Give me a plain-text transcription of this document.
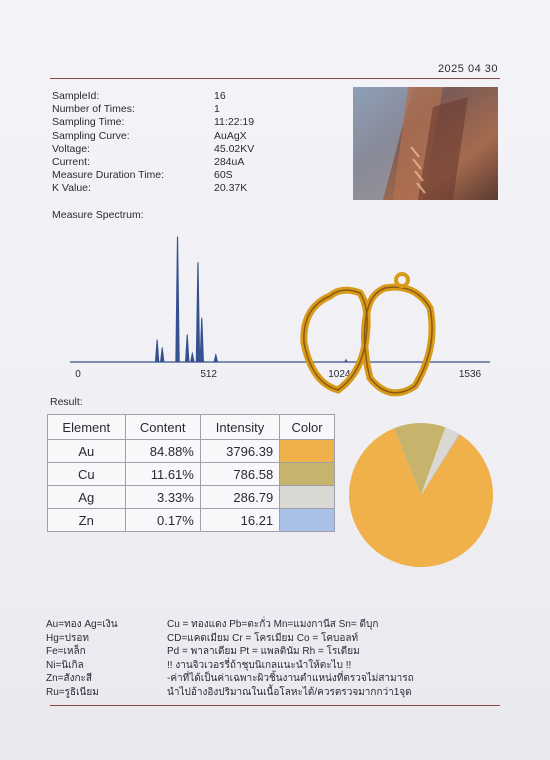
2025 04 30
SampleId:	16
Number of Times:	1
Sampling Time:	11:22:19
Sampling Curve:	AuAgX
Voltage:	45.02KV
Current:	284uA
Measure Duration Time:	60S
K Value:	20.37K
Measure Spectrum:
0	512	1024	1536
Result:
Element	Content	Intensity	Color
Au	84.88%	3796.39	

Cu	11.61%	786.58	

Ag	3.33%	286.79	

Zn	0.17%	16.21	
Au=ทอง Ag=เงิน
Hg=ปรอท
Fe=เหล็ก
Ni=นิเกิล
Zn=สังกะสี
Ru=รูธิเนียม
Cu = ทองแดง Pb=ตะกั่ว Mn=แมงกานีส Sn= ดีบุก
CD=แคดเมียม Cr = โครเมียม Co = โคบอลท์
Pd = พาลาเดียม Pt = แพลตินัม Rh = โรเดียม
!! งานจิวเวอรรี่ถ้าชุบนิเกลแนะนำให้ตะไบ !!
-ค่าที่ได้เป็นค่าเฉพาะผิวชิ้นงานตำแหน่งที่ตรวจไม่สามารถ
นำไปอ้างอิงปริมาณในเนื้อโลหะได้/ควรตรวจมากกว่า1จุด
